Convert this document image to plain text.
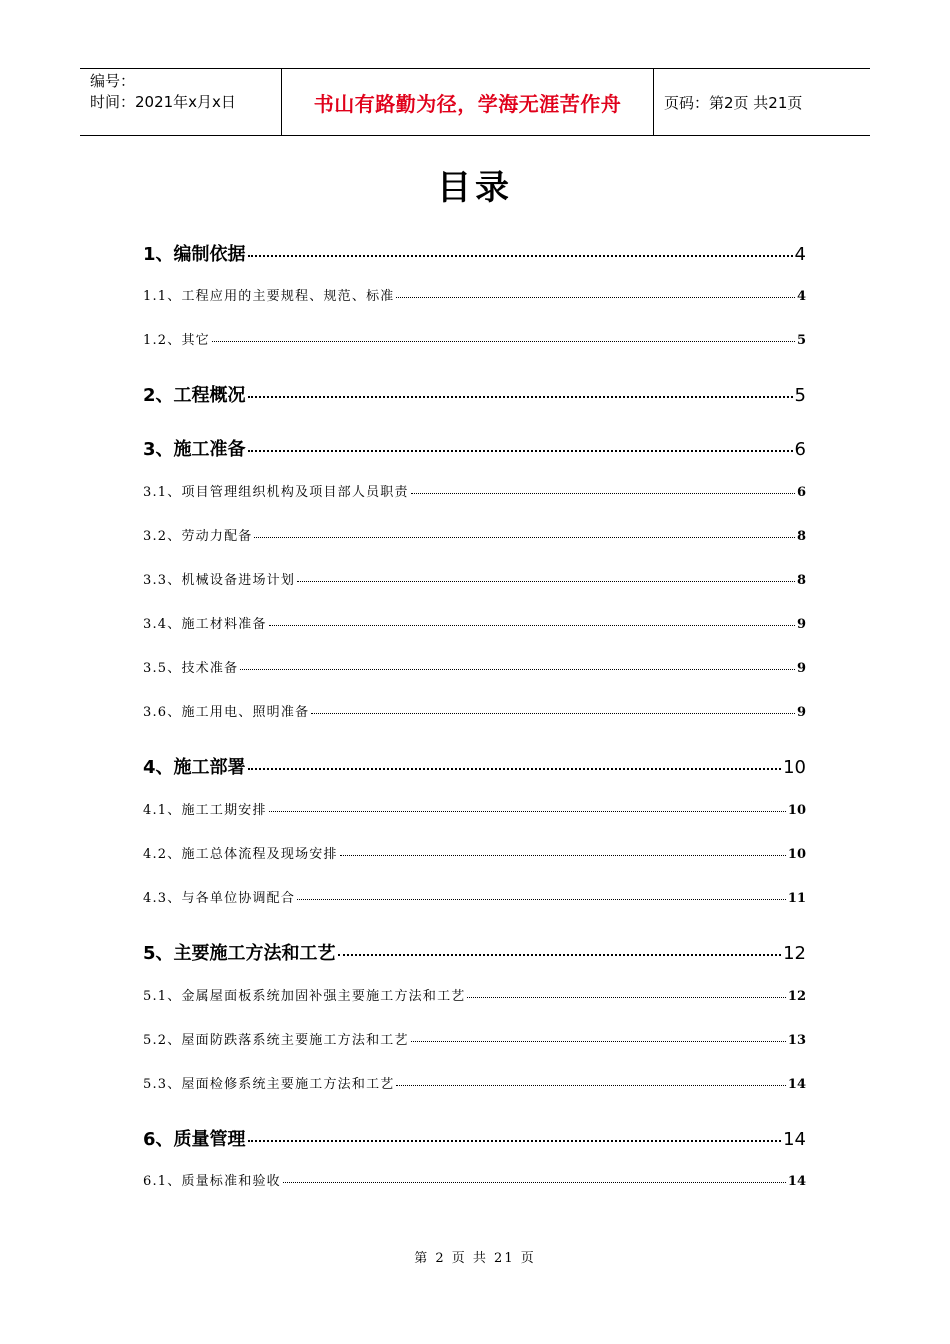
编号：
时间：2021年x月x日	书山有路勤为径，学海无涯苦作舟	页码：第2页 共21页
目录
1、编制依据	4
1.1、工程应用的主要规程、规范、标准	4
1.2、其它	5
2、工程概况	5
3、施工准备	6
3.1、项目管理组织机构及项目部人员职责	6
3.2、劳动力配备	8
3.3、机械设备进场计划	8
3.4、施工材料准备	9
3.5、技术准备	9
3.6、施工用电、照明准备	9
4、施工部署	10
4.1、施工工期安排	10
4.2、施工总体流程及现场安排	10
4.3、与各单位协调配合	11
5、主要施工方法和工艺	12
5.1、金属屋面板系统加固补强主要施工方法和工艺	12
5.2、屋面防跌落系统主要施工方法和工艺	13
5.3、屋面检修系统主要施工方法和工艺	14
6、质量管理	14
6.1、质量标准和验收	14
第 2 页 共 21 页
